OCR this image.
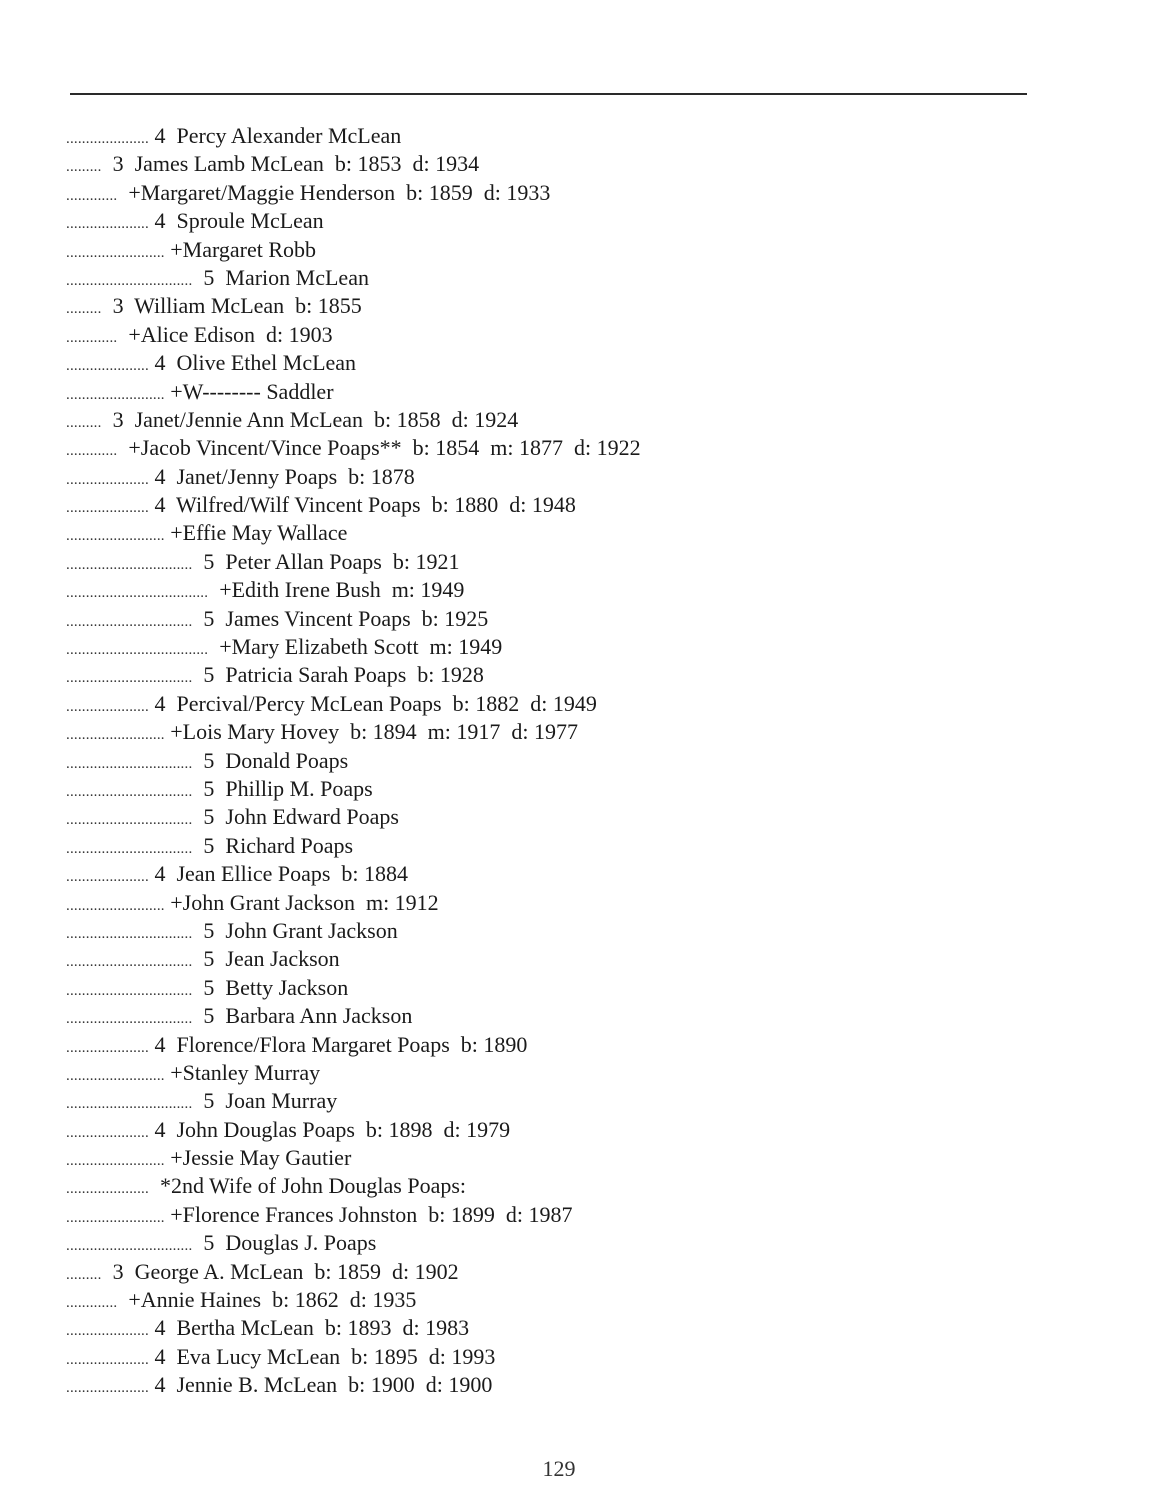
..................... 4  Percy Alexander McLean
.........  3  James Lamb McLean  b: 1853  d: 1934
.............  +Margaret/Maggie Henderson  b: 1859  d: 1933
..................... 4  Sproule McLean
......................... +Margaret Robb
................................  5  Marion McLean
.........  3  William McLean  b: 1855
.............  +Alice Edison  d: 1903
..................... 4  Olive Ethel McLean
......................... +W-------- Saddler
.........  3  Janet/Jennie Ann McLean  b: 1858  d: 1924
.............  +Jacob Vincent/Vince Poaps**  b: 1854  m: 1877  d: 1922
..................... 4  Janet/Jenny Poaps  b: 1878
..................... 4  Wilfred/Wilf Vincent Poaps  b: 1880  d: 1948
......................... +Effie May Wallace
................................  5  Peter Allan Poaps  b: 1921
....................................  +Edith Irene Bush  m: 1949
................................  5  James Vincent Poaps  b: 1925
....................................  +Mary Elizabeth Scott  m: 1949
................................  5  Patricia Sarah Poaps  b: 1928
..................... 4  Percival/Percy McLean Poaps  b: 1882  d: 1949
......................... +Lois Mary Hovey  b: 1894  m: 1917  d: 1977
................................  5  Donald Poaps
................................  5  Phillip M. Poaps
................................  5  John Edward Poaps
................................  5  Richard Poaps
..................... 4  Jean Ellice Poaps  b: 1884
......................... +John Grant Jackson  m: 1912
................................  5  John Grant Jackson
................................  5  Jean Jackson
................................  5  Betty Jackson
................................  5  Barbara Ann Jackson
..................... 4  Florence/Flora Margaret Poaps  b: 1890
......................... +Stanley Murray
................................  5  Joan Murray
..................... 4  John Douglas Poaps  b: 1898  d: 1979
......................... +Jessie May Gautier
.....................  *2nd Wife of John Douglas Poaps:
......................... +Florence Frances Johnston  b: 1899  d: 1987
................................  5  Douglas J. Poaps
.........  3  George A. McLean  b: 1859  d: 1902
.............  +Annie Haines  b: 1862  d: 1935
..................... 4  Bertha McLean  b: 1893  d: 1983
..................... 4  Eva Lucy McLean  b: 1895  d: 1993
..................... 4  Jennie B. McLean  b: 1900  d: 1900
129
